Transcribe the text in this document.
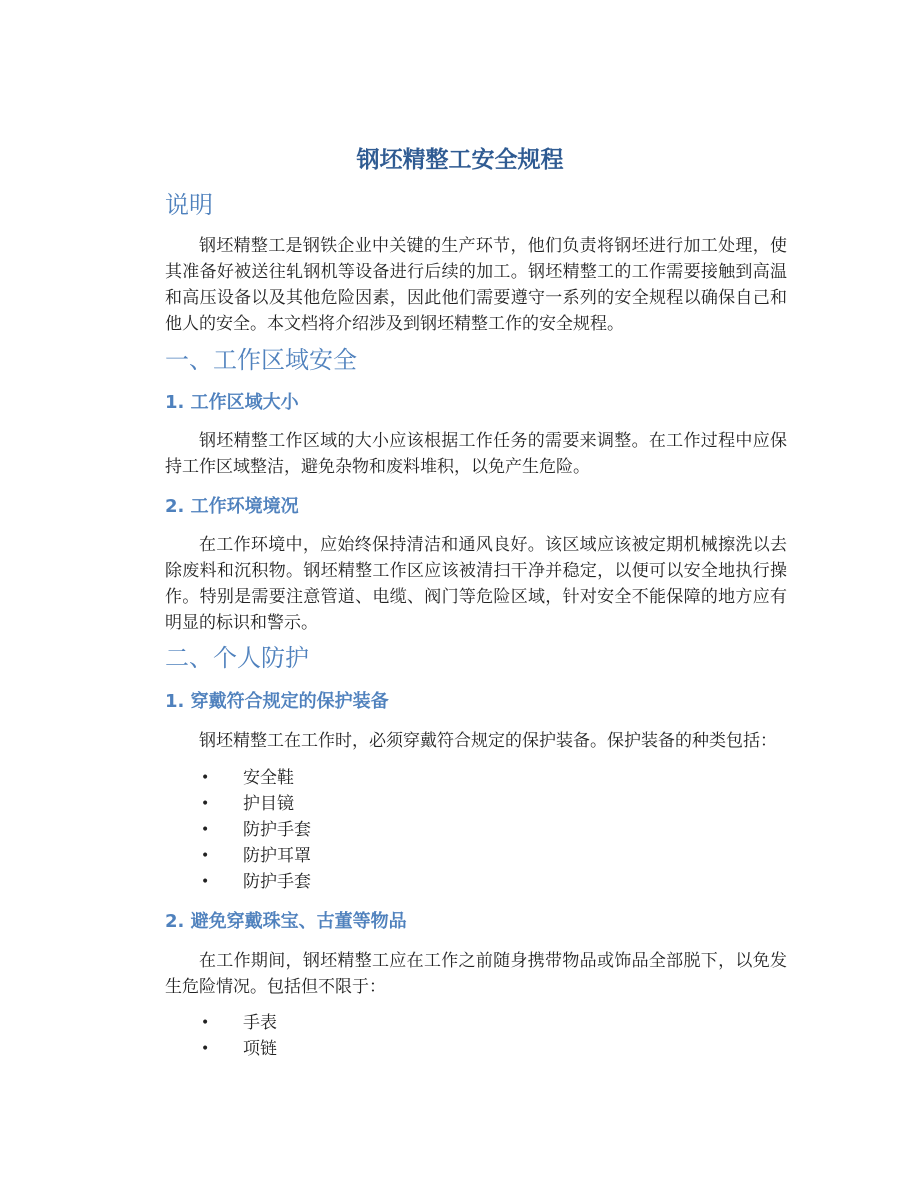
钢坯精整工安全规程
说明
钢坯精整工是钢铁企业中关键的生产环节，他们负责将钢坯进行加工处理，使其准备好被送往轧钢机等设备进行后续的加工。钢坯精整工的工作需要接触到高温和高压设备以及其他危险因素，因此他们需要遵守一系列的安全规程以确保自己和他人的安全。本文档将介绍涉及到钢坯精整工作的安全规程。
一、工作区域安全
1. 工作区域大小
钢坯精整工作区域的大小应该根据工作任务的需要来调整。在工作过程中应保持工作区域整洁，避免杂物和废料堆积，以免产生危险。
2. 工作环境境况
在工作环境中，应始终保持清洁和通风良好。该区域应该被定期机械擦洗以去除废料和沉积物。钢坯精整工作区应该被清扫干净并稳定，以便可以安全地执行操作。特别是需要注意管道、电缆、阀门等危险区域，针对安全不能保障的地方应有明显的标识和警示。
二、个人防护
1. 穿戴符合规定的保护装备
钢坯精整工在工作时，必须穿戴符合规定的保护装备。保护装备的种类包括：
• 安全鞋
• 护目镜
• 防护手套
• 防护耳罩
• 防护手套
2. 避免穿戴珠宝、古董等物品
在工作期间，钢坯精整工应在工作之前随身携带物品或饰品全部脱下，以免发生危险情况。包括但不限于：
• 手表
• 项链
